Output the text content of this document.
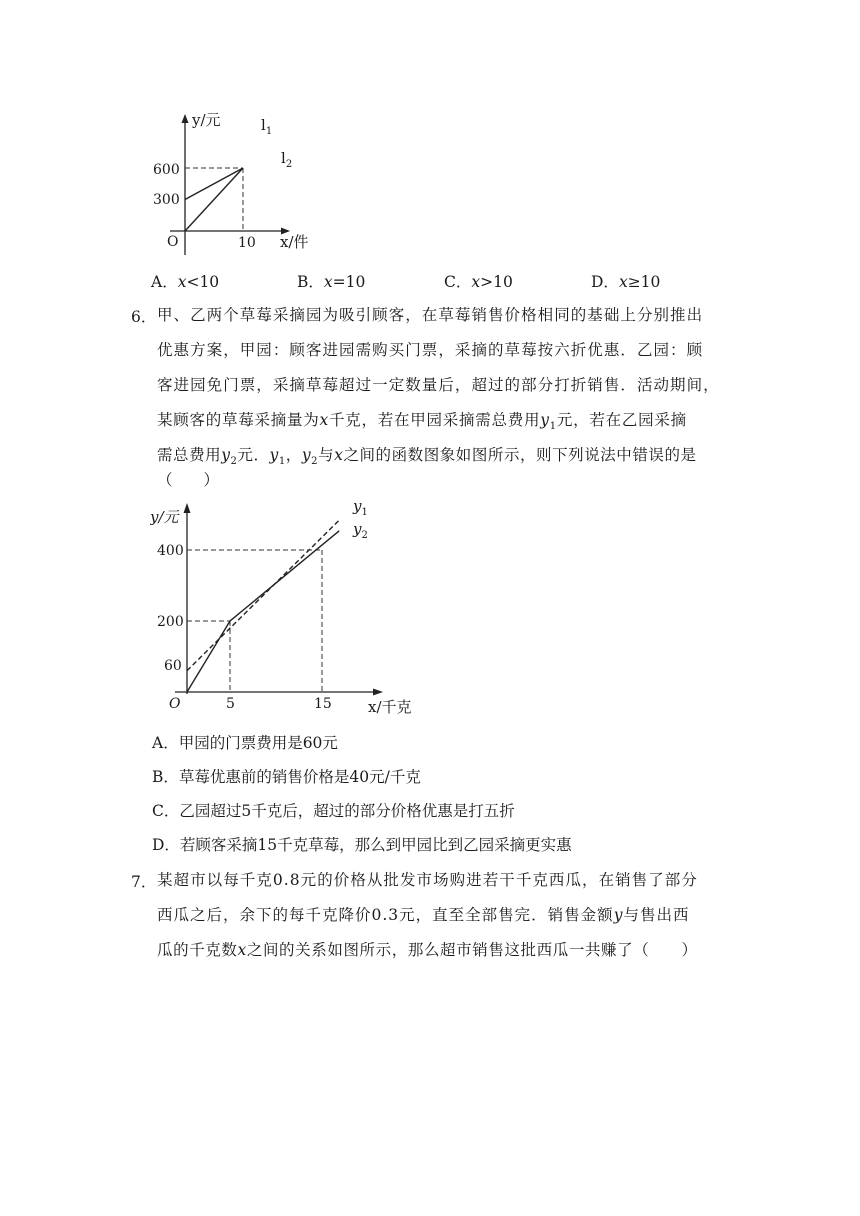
y/元	$l_1$
$l_2$
600
300
O	10 x/件
A．x<10	B．x=10	C．x>10	D．x≥10
6． 甲、乙两个草莓采摘园为吸引顾客，在草莓销售价格相同的基础上分别推出
优惠方案，甲园：顾客进园需购买门票，采摘的草莓按六折优惠．乙园：顾
客进园免门票，采摘草莓超过一定数量后，超过的部分打折销售．活动期间，
某顾客的草莓采摘量为x千克，若在甲园采摘需总费用$y_1$元，若在乙园采摘
需总费用$y_2$元．$y_1$，$y_2$与x之间的函数图象如图所示，则下列说法中错误的是
（　　）
y/元
$y_1$
$y_2$
400
200
60
O	5	15 x/千克
A．甲园的门票费用是60元
B．草莓优惠前的销售价格是40元/千克
C．乙园超过5千克后，超过的部分价格优惠是打五折
D．若顾客采摘15千克草莓，那么到甲园比到乙园采摘更实惠
7． 某超市以每千克0.8元的价格从批发市场购进若干千克西瓜，在销售了部分
西瓜之后，余下的每千克降价0.3元，直至全部售完．销售金额y与售出西
瓜的千克数x之间的关系如图所示，那么超市销售这批西瓜一共赚了（　　）
